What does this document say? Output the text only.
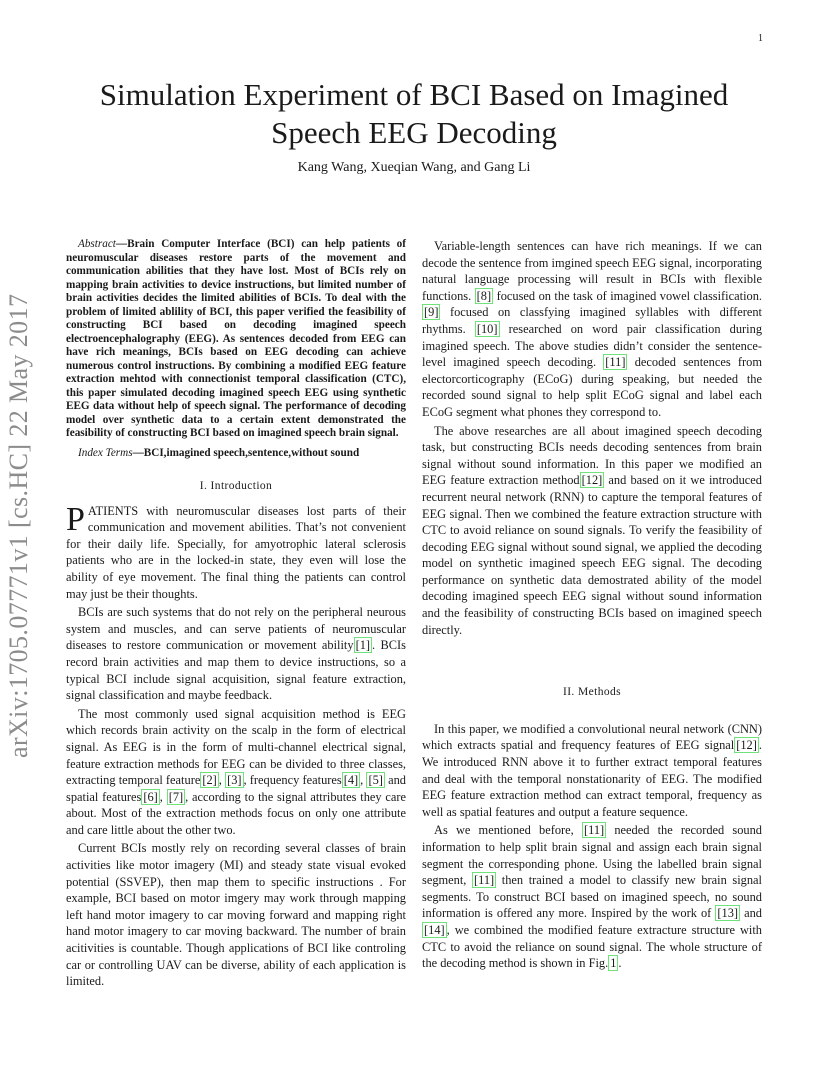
1
arXiv:1705.07771v1 [cs.HC] 22 May 2017
Simulation Experiment of BCI Based on Imagined
Speech EEG Decoding
Kang Wang, Xueqian Wang, and Gang Li

Abstract—Brain Computer Interface (BCI) can help patients of neuromuscular diseases restore parts of the movement and communication abilities that they have lost. Most of BCIs rely on mapping brain activities to device instructions, but limited number of brain activities decides the limited abilities of BCIs. To deal with the problem of limited ablility of BCI, this paper verified the feasibility of constructing BCI based on decoding imagined speech electroencephalography (EEG). As sentences decoded from EEG can have rich meanings, BCIs based on EEG decoding can achieve numerous control instructions. By combining a modified EEG feature extraction mehtod with connectionist temporal classification (CTC), this paper simulated decoding imagined speech EEG using synthetic EEG data without help of speech signal. The performance of decoding model over synthetic data to a certain extent demonstrated the feasibility of constructing BCI based on imagined speech brain signal.

Index Terms—BCI,imagined speech,sentence,without sound

I. Introduction

PATIENTS with neuromuscular diseases lost parts of their communication and movement abilities. That’s not convenient for their daily life. Specially, for amyotrophic lateral sclerosis patients who are in the locked-in state, they even will lose the ability of eye movement. The final thing the patients can control may just be their thoughts.

BCIs are such systems that do not rely on the peripheral neurous system and muscles, and can serve patients of neuromuscular diseases to restore communication or movement ability [1] . BCIs record brain activities and map them to device instructions, so a typical BCI include signal acquisition, signal feature extraction, signal classification and maybe feedback.

The most commonly used signal acquisition method is EEG which records brain activity on the scalp in the form of electrical signal. As EEG is in the form of multi-channel electrical signal, feature extraction methods for EEG can be divided to three classes, extracting temporal feature [2] , [3] , frequency features [4] , [5] and spatial features [6] , [7] , according to the signal attributes they care about. Most of the extraction methods focus on only one attribute and care little about the other two.

Current BCIs mostly rely on recording several classes of brain activities like motor imagery (MI) and steady state visual evoked potential (SSVEP), then map them to specific instructions . For example, BCI based on motor imgery may work through mapping left hand motor imagery to car moving forward and mapping right hand motor imagery to car moving backward. The number of brain acitivities is countable. Though applications of BCI like controling car or controlling UAV can be diverse, ability of each application is limited.

Variable-length sentences can have rich meanings. If we can decode the sentence from imgined speech EEG signal, incorporating natural language processing will result in BCIs with flexible functions. [8] focused on the task of imagined vowel classification. [9] focused on classfying imagined syllables with different rhythms. [10] researched on word pair classification during imagined speech. The above studies didn’t consider the sentence-level imagined speech decoding. [11] decoded sentences from electorcorticography (ECoG) during speaking, but needed the recorded sound signal to help split ECoG signal and label each ECoG segment what phones they correspond to.

The above researches are all about imagined speech decoding task, but constructing BCIs needs decoding sentences from brain signal without sound information. In this paper we modified an EEG feature extraction method [12] and based on it we introduced recurrent neural network (RNN) to capture the temporal features of EEG signal. Then we combined the feature extraction structure with CTC to avoid reliance on sound signals. To verify the feasibility of decoding EEG signal without sound signal, we applied the decoding model on synthetic imagined speech EEG signal. The decoding performance on synthetic data demostrated ability of the model decoding imagined speech EEG signal without sound information and the feasibility of constructing BCIs based on imagined speech directly.

II. Methods

In this paper, we modified a convolutional neural network (CNN) which extracts spatial and frequency features of EEG signal [12] . We introduced RNN above it to further extract temporal features and deal with the temporal nonstationarity of EEG. The modified EEG feature extraction method can extract temporal, frequency as well as spatial features and output a feature sequence.

As we mentioned before, [11] needed the recorded sound information to help split brain signal and assign each brain signal segment the corresponding phone. Using the labelled brain signal segment, [11] then trained a model to classify new brain signal segments. To construct BCI based on imagined speech, no sound information is offered any more. Inspired by the work of [13] and [14] , we combined the modified feature extracture structure with CTC to avoid the reliance on sound signal. The whole structure of the decoding method is shown in Fig. 1 .
